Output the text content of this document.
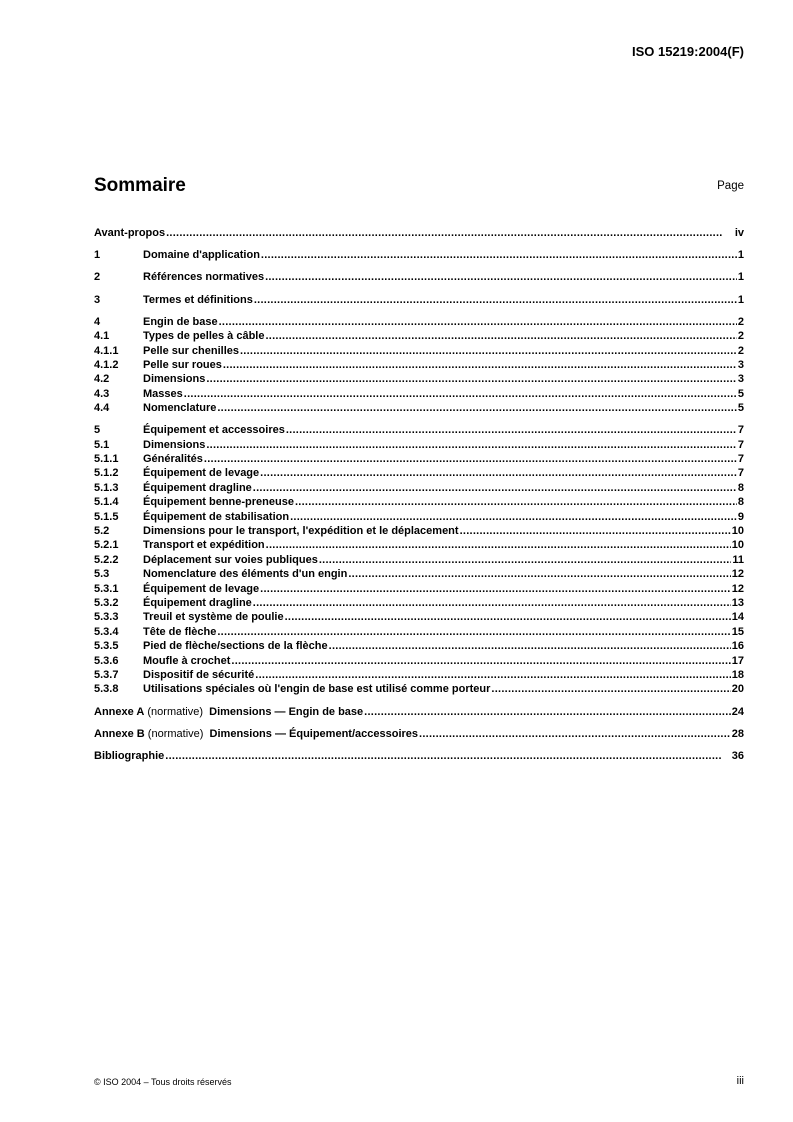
ISO 15219:2004(F)
Sommaire	Page
Avant-propos . . .	iv
1	Domaine d'application . . .	1
2	Références normatives . . .	1
3	Termes et définitions . . .	1
4	Engin de base . . .	2
4.1	Types de pelles à câble . . .	2
4.1.1	Pelle sur chenilles . . .	2
4.1.2	Pelle sur roues . . .	3
4.2	Dimensions . . .	3
4.3	Masses . . .	5
4.4	Nomenclature . . .	5
5	Équipement et accessoires . . .	7
5.1	Dimensions . . .	7
5.1.1	Généralités . . .	7
5.1.2	Équipement de levage . . .	7
5.1.3	Équipement dragline . . .	8
5.1.4	Équipement benne-preneuse . . .	8
5.1.5	Équipement de stabilisation . . .	9
5.2	Dimensions pour le transport, l'expédition et le déplacement . . .	10
5.2.1	Transport et expédition . . .	10
5.2.2	Déplacement sur voies publiques . . .	11
5.3	Nomenclature des éléments d'un engin . . .	12
5.3.1	Équipement de levage . . .	12
5.3.2	Équipement dragline . . .	13
5.3.3	Treuil et système de poulie . . .	14
5.3.4	Tête de flèche . . .	15
5.3.5	Pied de flèche/sections de la flèche . . .	16
5.3.6	Moufle à crochet . . .	17
5.3.7	Dispositif de sécurité . . .	18
5.3.8	Utilisations spéciales où l'engin de base est utilisé comme porteur . . .	20
Annexe A (normative) Dimensions — Engin de base . . .	24
Annexe B (normative) Dimensions — Équipement/accessoires . . .	28
Bibliographie . . .	36
© ISO 2004 – Tous droits réservés	iii
